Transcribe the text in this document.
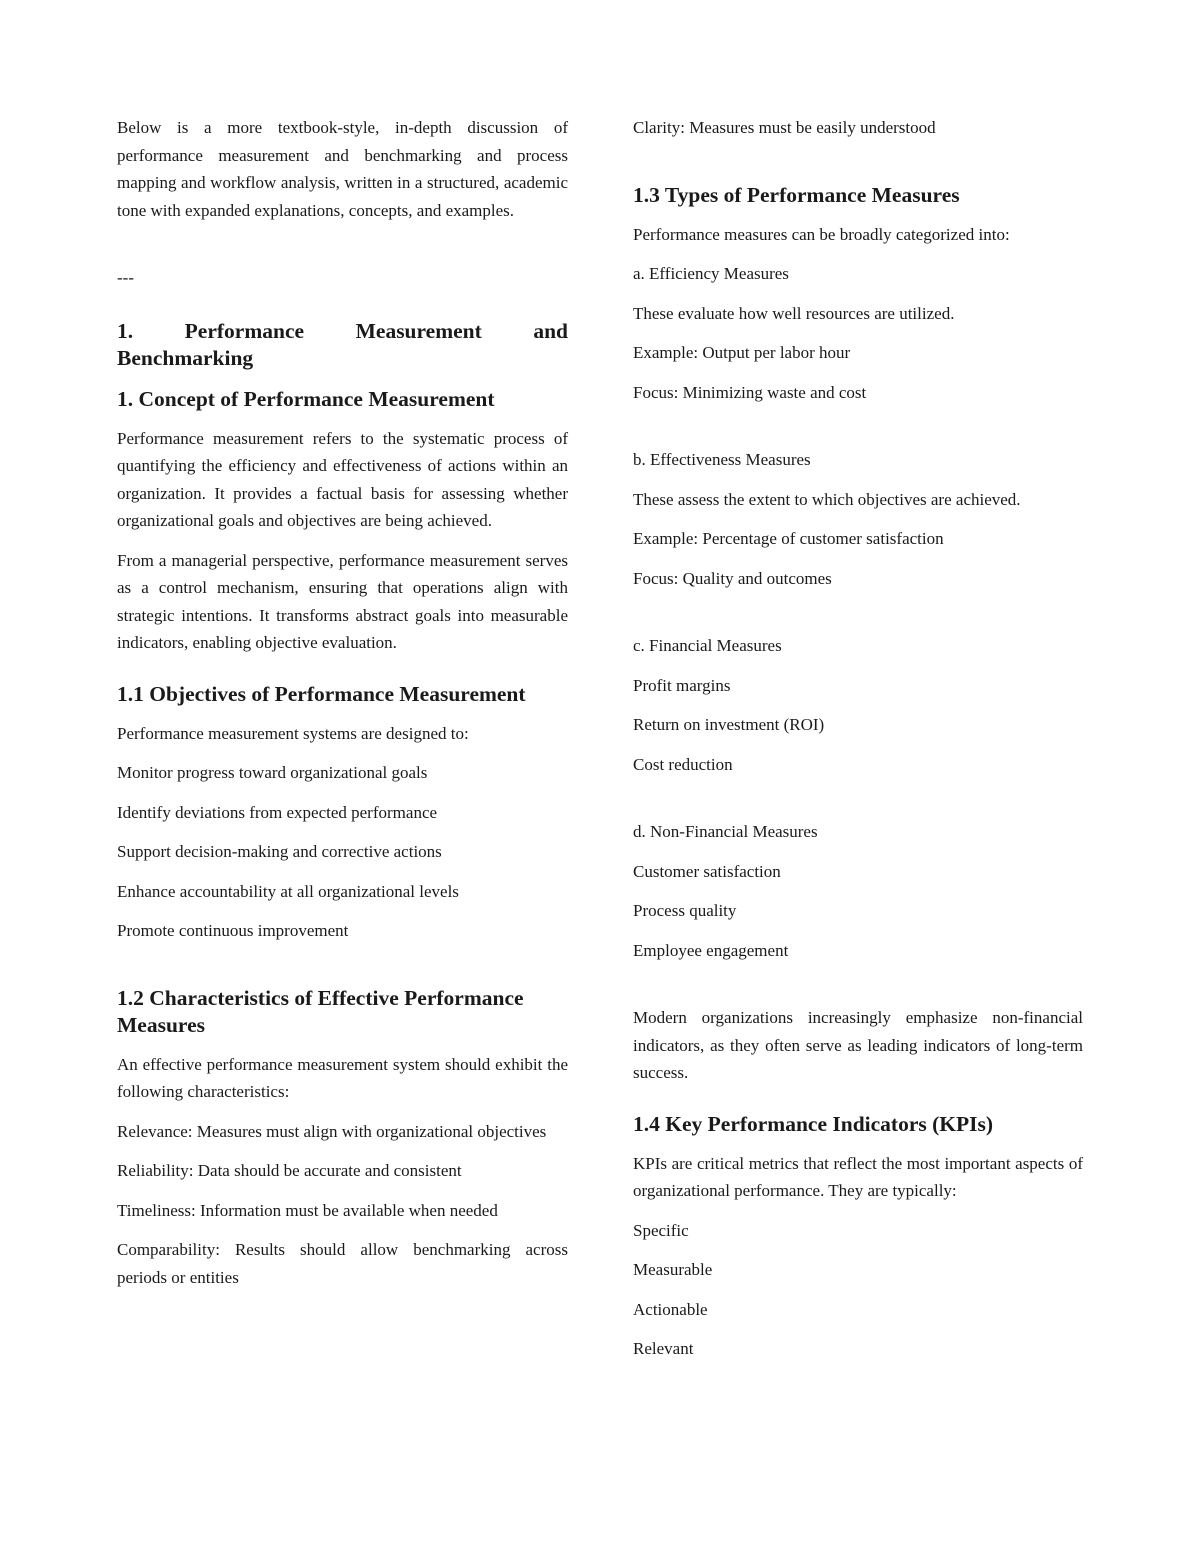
Below is a more textbook-style, in-depth discussion of performance measurement and benchmarking and process mapping and workflow analysis, written in a structured, academic tone with expanded explanations, concepts, and examples.

---

1. Performance Measurement and
Benchmarking
1. Concept of Performance Measurement

Performance measurement refers to the systematic process of quantifying the efficiency and effectiveness of actions within an organization. It provides a factual basis for assessing whether organizational goals and objectives are being achieved.

From a managerial perspective, performance measurement serves as a control mechanism, ensuring that operations align with strategic intentions. It transforms abstract goals into measurable indicators, enabling objective evaluation.

1.1 Objectives of Performance Measurement

Performance measurement systems are designed to:

Monitor progress toward organizational goals

Identify deviations from expected performance

Support decision-making and corrective actions

Enhance accountability at all organizational levels

Promote continuous improvement

1.2 Characteristics of Effective Performance Measures

An effective performance measurement system should exhibit the following characteristics:

Relevance: Measures must align with organizational objectives

Reliability: Data should be accurate and consistent

Timeliness: Information must be available when needed

Comparability: Results should allow benchmarking across periods or entities

Clarity: Measures must be easily understood

1.3 Types of Performance Measures

Performance measures can be broadly categorized into:

a. Efficiency Measures

These evaluate how well resources are utilized.

Example: Output per labor hour

Focus: Minimizing waste and cost

b. Effectiveness Measures

These assess the extent to which objectives are achieved.

Example: Percentage of customer satisfaction

Focus: Quality and outcomes

c. Financial Measures

Profit margins

Return on investment (ROI)

Cost reduction

d. Non-Financial Measures

Customer satisfaction

Process quality

Employee engagement

Modern organizations increasingly emphasize non-financial indicators, as they often serve as leading indicators of long-term success.

1.4 Key Performance Indicators (KPIs)

KPIs are critical metrics that reflect the most important aspects of organizational performance. They are typically:

Specific

Measurable

Actionable

Relevant
